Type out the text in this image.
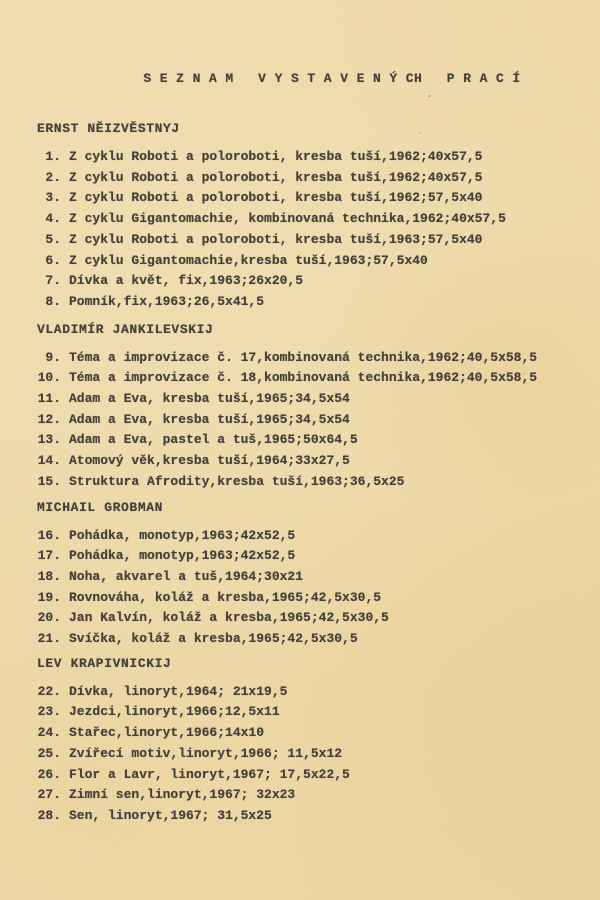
S E Z N A M   V Y S T A V E N Ý CH   P R A C Í
ERNST NĚIZVĚSTNYJ
1. Z cyklu Roboti a poloroboti, kresba tuší,1962;40x57,5
2. Z cyklu Roboti a poloroboti, kresba tuší,1962;40x57,5
3. Z cyklu Roboti a poloroboti, kresba tuší,1962;57,5x40
4. Z cyklu Gigantomachie, kombinovaná technika,1962;40x57,5
5. Z cyklu Roboti a poloroboti, kresba tuší,1963;57,5x40
6. Z cyklu Gigantomachie,kresba tuší,1963;57,5x40
7. Dívka a květ, fix,1963;26x20,5
8. Pomník,fix,1963;26,5x41,5
VLADIMÍR JANKILEVSKIJ
9. Téma a improvizace č. 17,kombinovaná technika,1962;40,5x58,5
10. Téma a improvizace č. 18,kombinovaná technika,1962;40,5x58,5
11. Adam a Eva, kresba tuší,1965;34,5x54
12. Adam a Eva, kresba tuší,1965;34,5x54
13. Adam a Eva, pastel a tuš,1965;50x64,5
14. Atomový věk,kresba tuší,1964;33x27,5
15. Struktura Afrodity,kresba tuší,1963;36,5x25
MICHAIL GROBMAN
16. Pohádka, monotyp,1963;42x52,5
17. Pohádka, monotyp,1963;42x52,5
18. Noha, akvarel a tuš,1964;30x21
19. Rovnováha, koláž a kresba,1965;42,5x30,5
20. Jan Kalvín, koláž a kresba,1965;42,5x30,5
21. Svíčka, koláž a kresba,1965;42,5x30,5
LEV KRAPIVNICKIJ
22. Dívka, linoryt,1964; 21x19,5
23. Jezdci,linoryt,1966;12,5x11
24. Stařec,linoryt,1966;14x10
25. Zvířecí motiv,linoryt,1966; 11,5x12
26. Flor a Lavr, linoryt,1967; 17,5x22,5
27. Zimní sen,linoryt,1967; 32x23
28. Sen, linoryt,1967; 31,5x25
